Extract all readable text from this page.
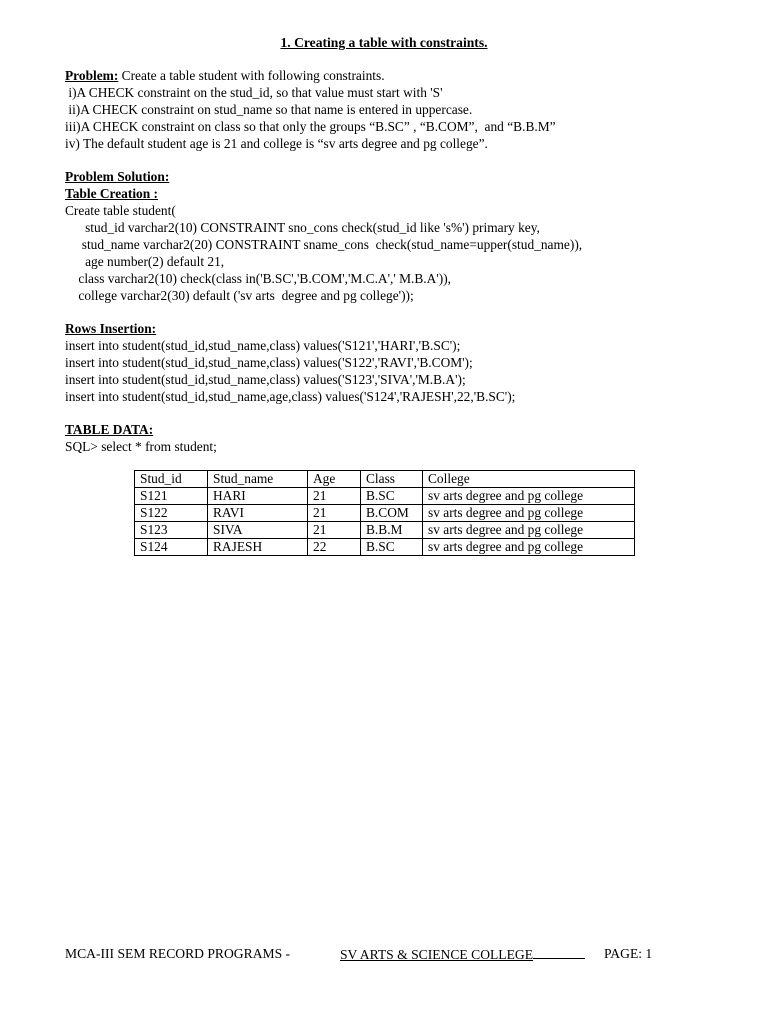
1. Creating a table with constraints.
Problem: Create a table student with following constraints.
i)A CHECK constraint on the stud_id, so that value must start with 'S'
ii)A CHECK constraint on stud_name so that name is entered in uppercase.
iii)A CHECK constraint on class so that only the groups “B.SC” , “B.COM”,  and “B.B.M”
iv) The default student age is 21 and college is “sv arts degree and pg college”.
Problem Solution:
Table Creation :
Create table student(
stud_id varchar2(10) CONSTRAINT sno_cons check(stud_id like 's%') primary key,
stud_name varchar2(20) CONSTRAINT sname_cons  check(stud_name=upper(stud_name)),
age number(2) default 21,
class varchar2(10) check(class in('B.SC','B.COM','M.C.A',' M.B.A')),
college varchar2(30) default ('sv arts  degree and pg college'));
Rows Insertion:
insert into student(stud_id,stud_name,class) values('S121','HARI','B.SC');
insert into student(stud_id,stud_name,class) values('S122','RAVI','B.COM');
insert into student(stud_id,stud_name,class) values('S123','SIVA','M.B.A');
insert into student(stud_id,stud_name,age,class) values('S124','RAJESH',22,'B.SC');
TABLE DATA:
SQL> select * from student;
Stud_id	Stud_name	Age	Class	College
S121	HARI	21	B.SC	sv arts degree and pg college
S122	RAVI	21	B.COM	sv arts degree and pg college
S123	SIVA	21	B.B.M	sv arts degree and pg college
S124	RAJESH	22	B.SC	sv arts degree and pg college
MCA-III SEM RECORD PROGRAMS -	SV ARTS & SCIENCE COLLEGE	PAGE: 1
